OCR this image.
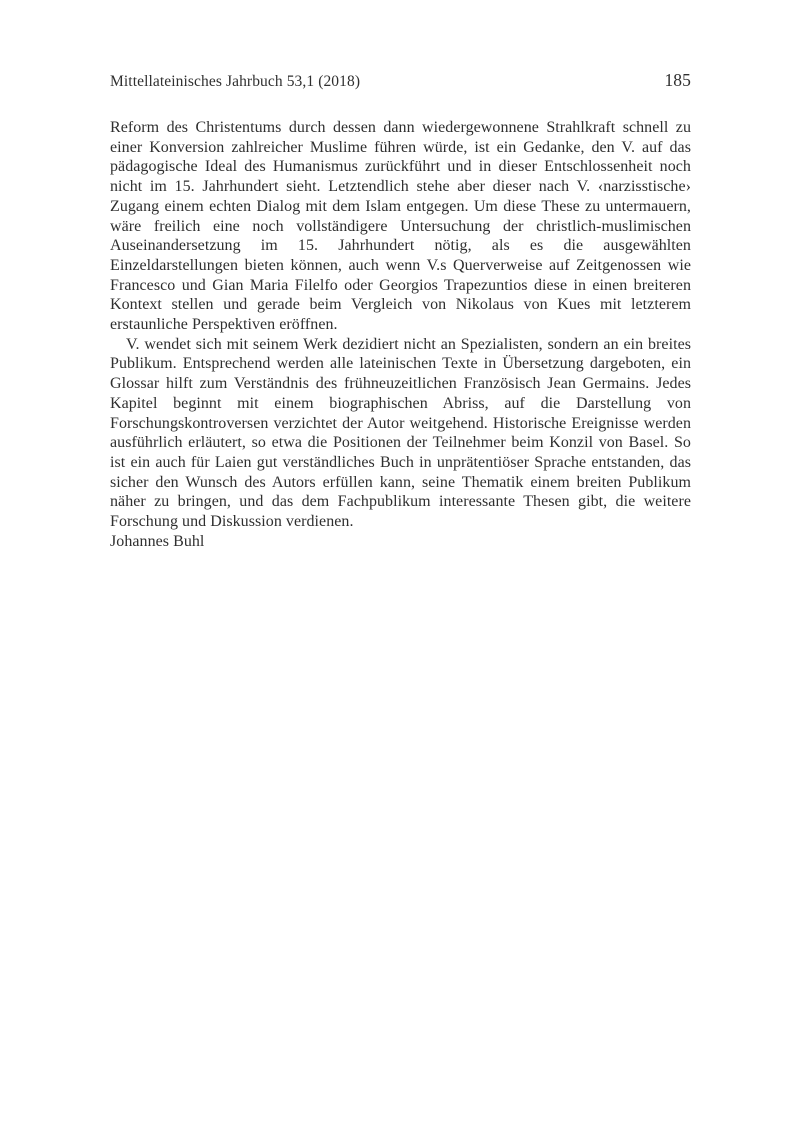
Mittellateinisches Jahrbuch 53,1 (2018)	185

Reform des Christentums durch dessen dann wiedergewonnene Strahlkraft schnell zu einer Konversion zahlreicher Muslime führen würde, ist ein Gedanke, den V. auf das pädagogische Ideal des Humanismus zurückführt und in dieser Entschlossenheit noch nicht im 15. Jahrhundert sieht. Letztendlich stehe aber dieser nach V. ‹narzisstische› Zugang einem echten Dialog mit dem Islam entgegen. Um diese These zu untermauern, wäre freilich eine noch vollständigere Untersuchung der christlich-muslimischen Auseinandersetzung im 15. Jahrhundert nötig, als es die ausgewählten Einzeldarstellungen bieten können, auch wenn V.s Querverweise auf Zeitgenossen wie Francesco und Gian Maria Filelfo oder Georgios Trapezuntios diese in einen breiteren Kontext stellen und gerade beim Vergleich von Nikolaus von Kues mit letzterem erstaunliche Perspektiven eröffnen.

V. wendet sich mit seinem Werk dezidiert nicht an Spezialisten, sondern an ein breites Publikum. Entsprechend werden alle lateinischen Texte in Übersetzung dargeboten, ein Glossar hilft zum Verständnis des frühneuzeitlichen Französisch Jean Germains. Jedes Kapitel beginnt mit einem biographischen Abriss, auf die Darstellung von Forschungskontroversen verzichtet der Autor weitgehend. Historische Ereignisse werden ausführlich erläutert, so etwa die Positionen der Teilnehmer beim Konzil von Basel. So ist ein auch für Laien gut verständliches Buch in unprätentiöser Sprache entstanden, das sicher den Wunsch des Autors erfüllen kann, seine Thematik einem breiten Publikum näher zu bringen, und das dem Fachpublikum interessante Thesen gibt, die weitere Forschung und Diskussion verdienen.

Johannes Buhl
